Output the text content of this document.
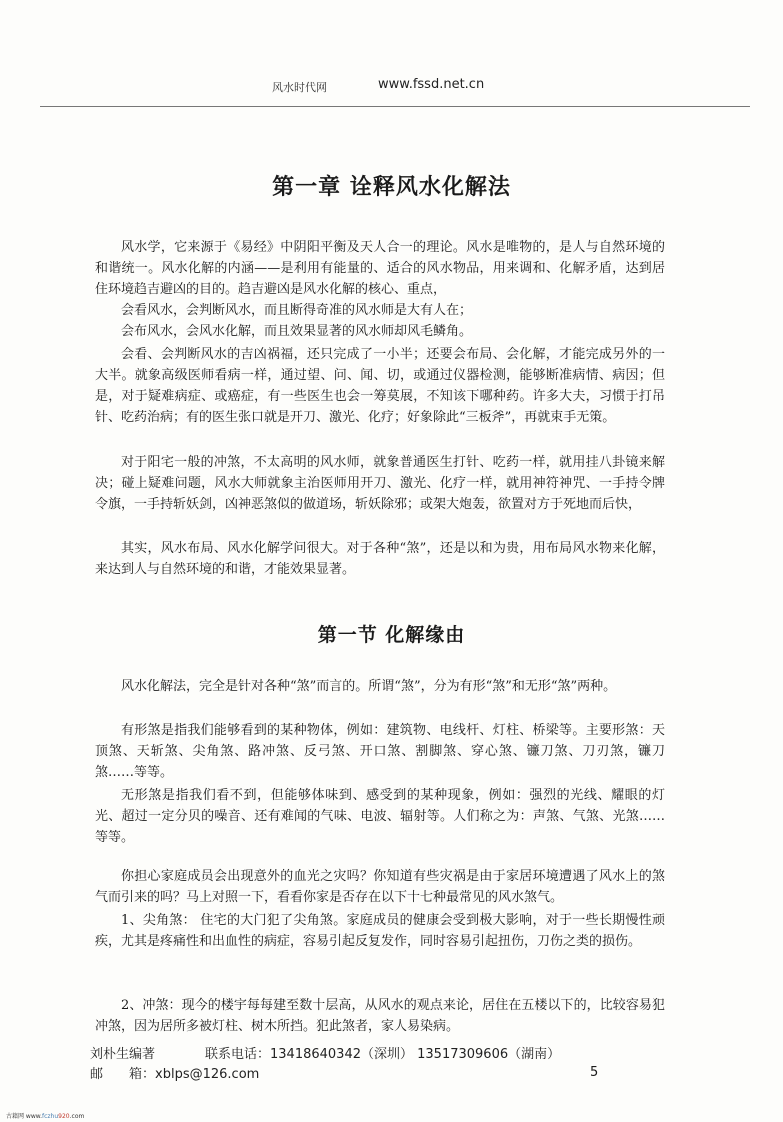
风水时代网	www.fssd.net.cn
第一章 诠释风水化解法

风水学，它来源于《易经》中阴阳平衡及天人合一的理论。风水是唯物的，是人与自然环境的和谐统一。风水化解的内涵——是利用有能量的、适合的风水物品，用来调和、化解矛盾，达到居住环境趋吉避凶的目的。趋吉避凶是风水化解的核心、重点，

会看风水，会判断风水，而且断得奇准的风水师是大有人在；

会布风水，会风水化解，而且效果显著的风水师却风毛鳞角。

会看、会判断风水的吉凶祸福，还只完成了一小半；还要会布局、会化解，才能完成另外的一大半。就象高级医师看病一样，通过望、问、闻、切，或通过仪器检测，能够断准病情、病因；但是，对于疑难病症、或癌症，有一些医生也会一筹莫展，不知该下哪种药。许多大夫，习惯于打吊针、吃药治病；有的医生张口就是开刀、激光、化疗；好象除此“三板斧”，再就束手无策。

对于阳宅一般的冲煞，不太高明的风水师，就象普通医生打针、吃药一样，就用挂八卦镜来解决；碰上疑难问题，风水大师就象主治医师用开刀、激光、化疗一样，就用神符神咒、一手持令牌令旗，一手持斩妖剑，凶神恶煞似的做道场，斩妖除邪；或架大炮轰，欲置对方于死地而后快，

其实，风水布局、风水化解学问很大。对于各种“煞”，还是以和为贵，用布局风水物来化解，来达到人与自然环境的和谐，才能效果显著。

第一节 化解缘由

风水化解法，完全是针对各种“煞”而言的。所谓“煞”，分为有形“煞”和无形“煞”两种。

有形煞是指我们能够看到的某种物体，例如：建筑物、电线杆、灯柱、桥梁等。主要形煞：天顶煞、天斩煞、尖角煞、路冲煞、反弓煞、开口煞、割脚煞、穿心煞、镰刀煞、刀刃煞，镰刀煞……等等。

无形煞是指我们看不到，但能够体味到、感受到的某种现象，例如：强烈的光线、耀眼的灯光、超过一定分贝的噪音、还有难闻的气味、电波、辐射等。人们称之为：声煞、气煞、光煞……等等。

你担心家庭成员会出现意外的血光之灾吗？你知道有些灾祸是由于家居环境遭遇了风水上的煞气而引来的吗？马上对照一下，看看你家是否存在以下十七种最常见的风水煞气。

1、尖角煞： 住宅的大门犯了尖角煞。家庭成员的健康会受到极大影响，对于一些长期慢性顽疾，尤其是疼痛性和出血性的病症，容易引起反复发作，同时容易引起扭伤，刀伤之类的损伤。

2、冲煞：现今的楼宇每每建至数十层高，从风水的观点来论，居住在五楼以下的，比较容易犯冲煞，因为居所多被灯柱、树木所挡。犯此煞者，家人易染病。

刘朴生编著	联系电话：13418640342（深圳） 13517309606（湖南）
邮　　箱：xblps@126.com	5
古籍网 www.fczhu920.com
